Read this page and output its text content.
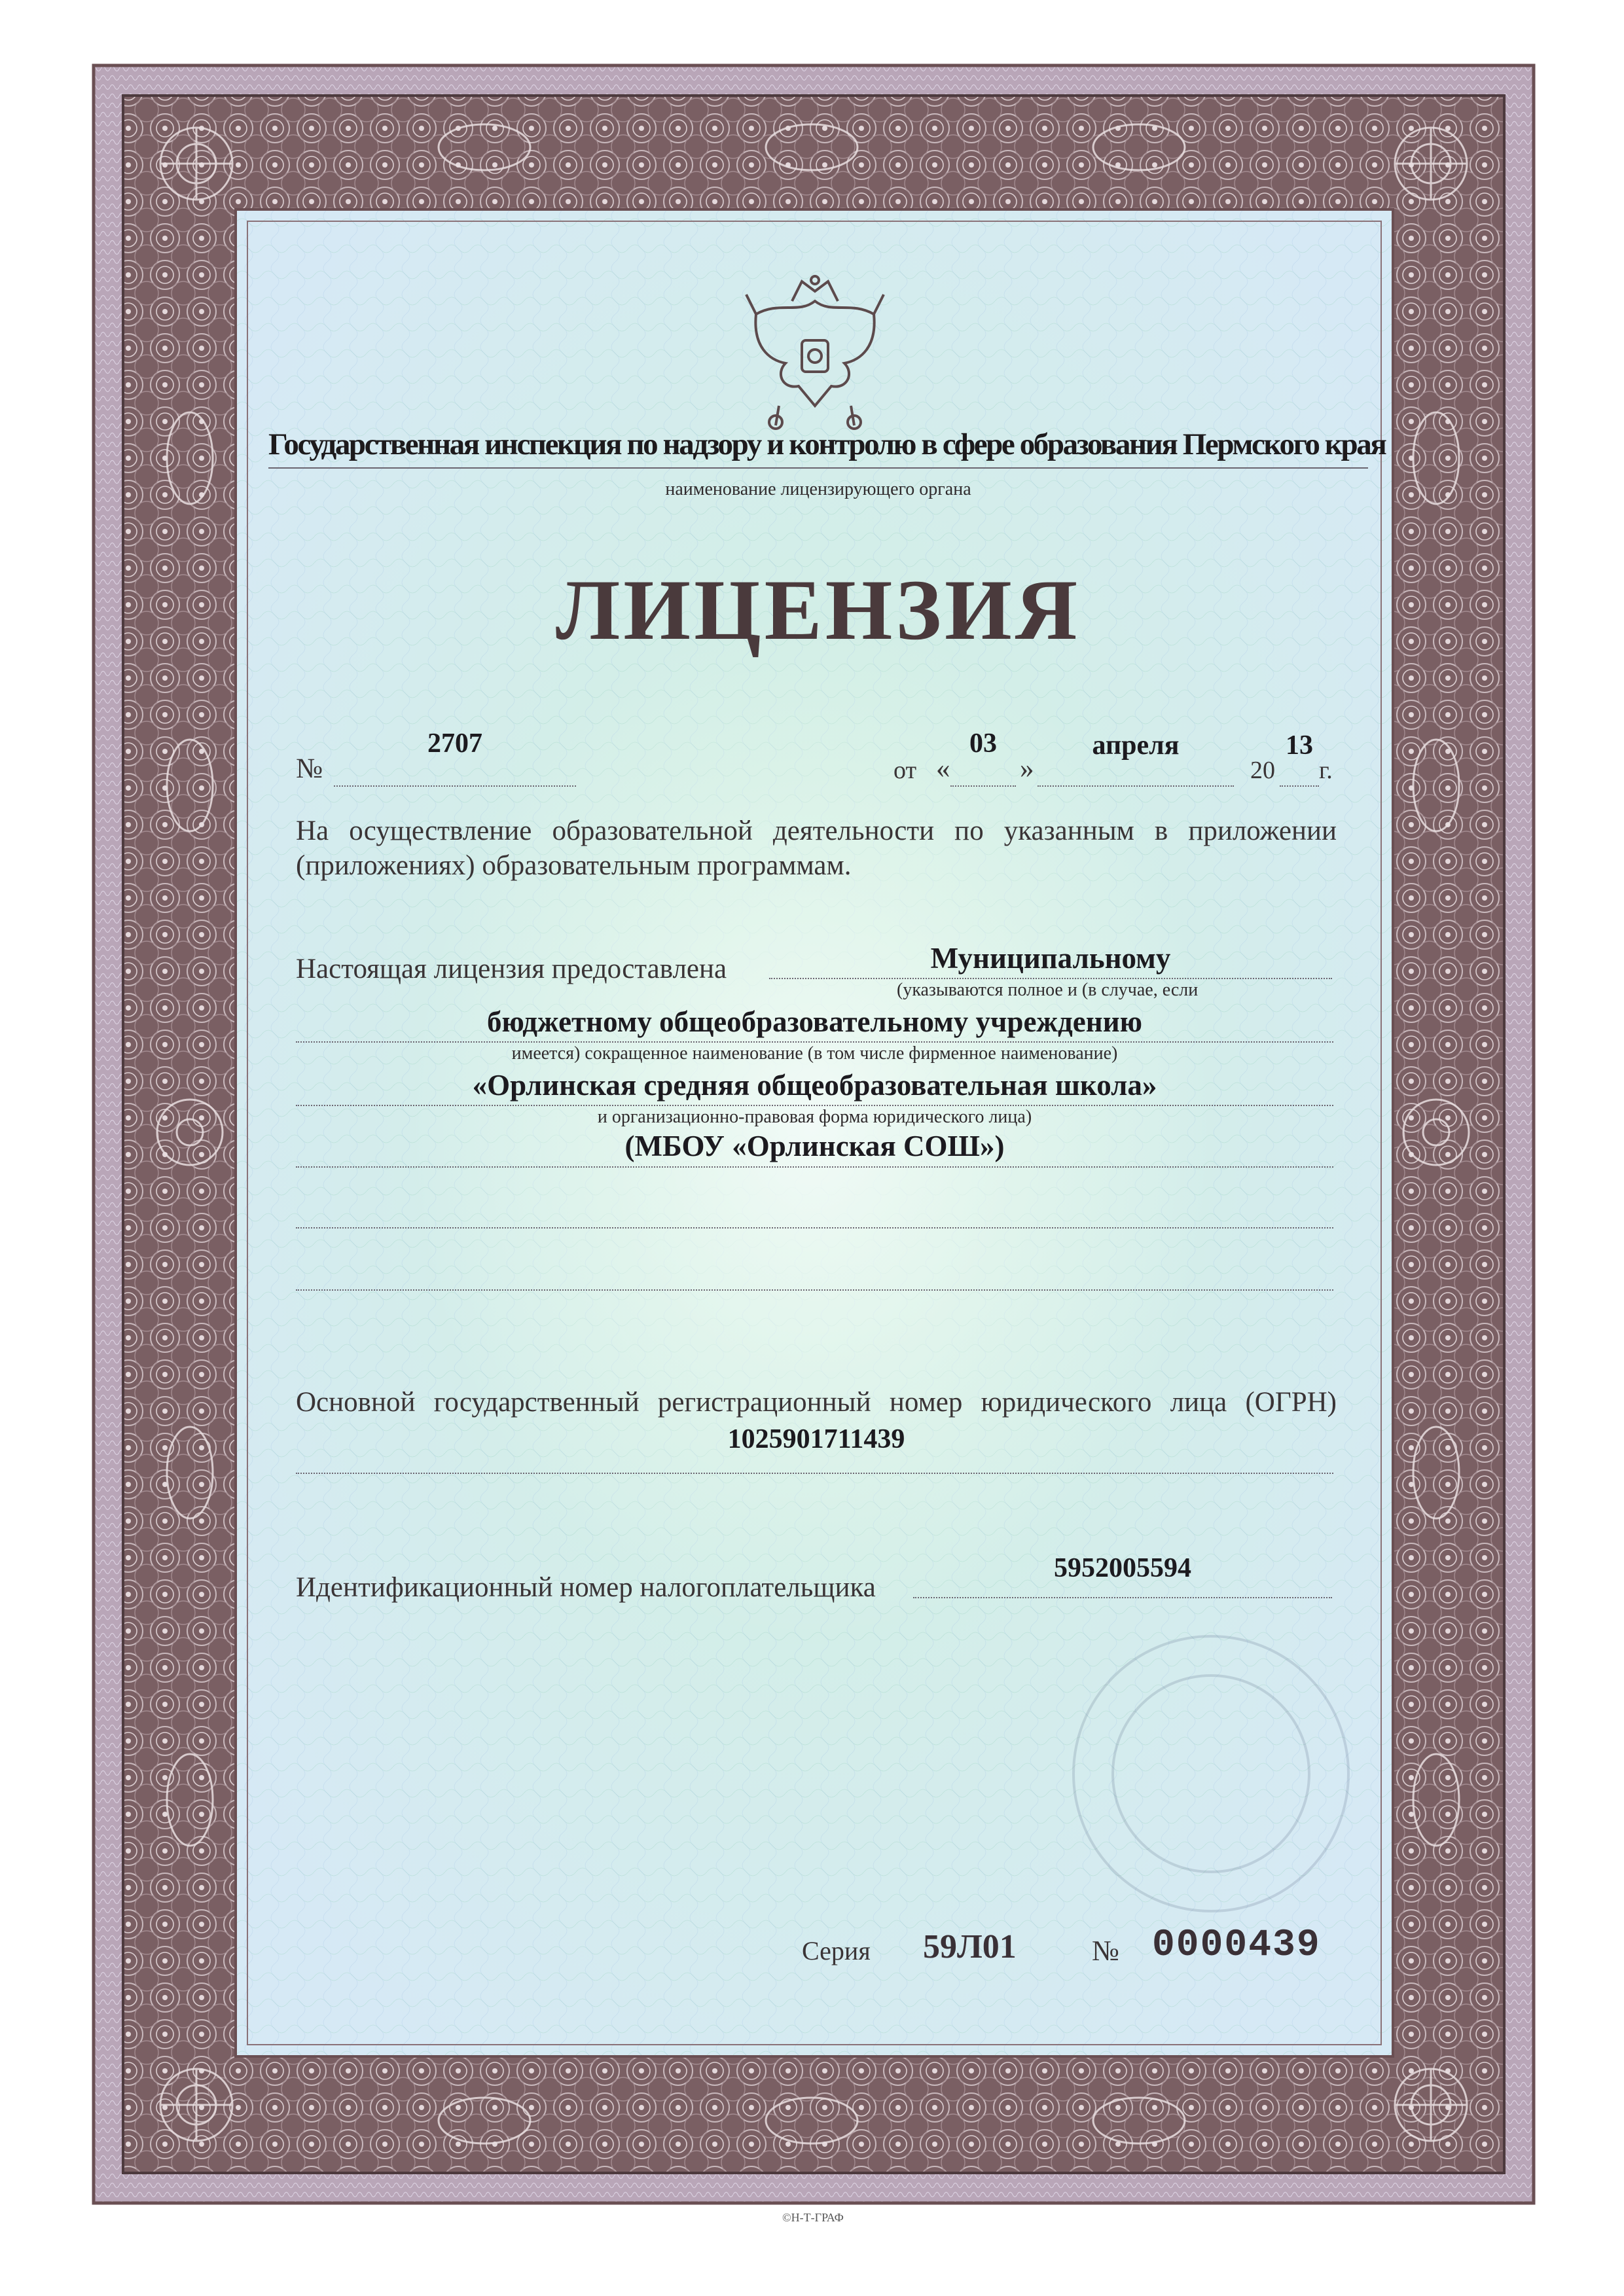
Государственная инспекция по надзору и контролю в сфере образования Пермского края
наименование лицензирующего органа
ЛИЦЕНЗИЯ
№
2707
от «
03
»
апреля
20
13
г.
На осуществление образовательной деятельности по указанным в приложении
(приложениях) образовательным программам.
Настоящая лицензия предоставлена	Муниципальному
(указываются полное и (в случае, если
бюджетному общеобразовательному учреждению
имеется) сокращенное наименование (в том числе фирменное наименование)
«Орлинская средняя общеобразовательная школа»
и организационно-правовая форма юридического лица)
(МБОУ «Орлинская СОШ»)
Основной государственный регистрационный номер юридического лица (ОГРН)
1025901711439
Идентификационный номер налогоплательщика
5952005594
Серия 59Л01	№ 0000439
©Н-Т-ГРАФ
